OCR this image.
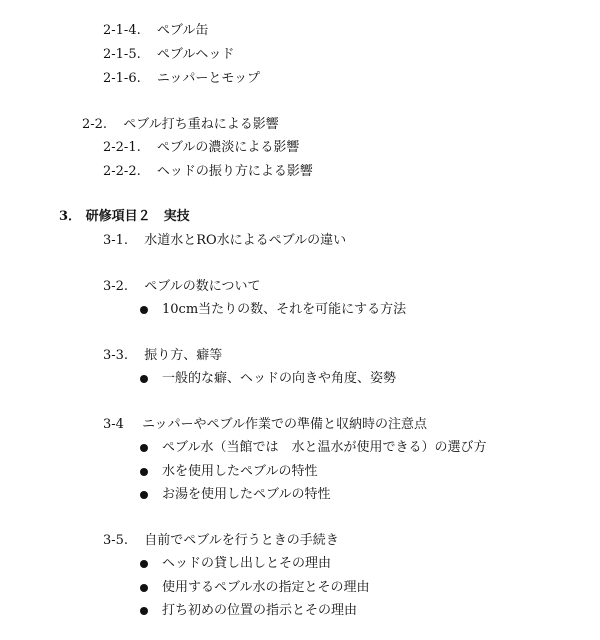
2-1-4. ペブル缶
2-1-5. ペブルヘッド
2-1-6. ニッパーとモップ
2-2. ペブル打ち重ねによる影響
2-2-1. ペブルの濃淡による影響
2-2-2. ヘッドの振り方による影響
3． 研修項目２　実技
3-1. 水道水とRO水によるペブルの違い
3-2. ペブルの数について
10cm当たりの数、それを可能にする方法
3-3. 振り方、癖等
一般的な癖、ヘッドの向きや角度、姿勢
3-4 ニッパーやペブル作業での準備と収納時の注意点
ペブル水（当館では　水と温水が使用できる）の選び方
水を使用したペブルの特性
お湯を使用したペブルの特性
3-5. 自前でペブルを行うときの手続き
ヘッドの貸し出しとその理由
使用するペブル水の指定とその理由
打ち初めの位置の指示とその理由
